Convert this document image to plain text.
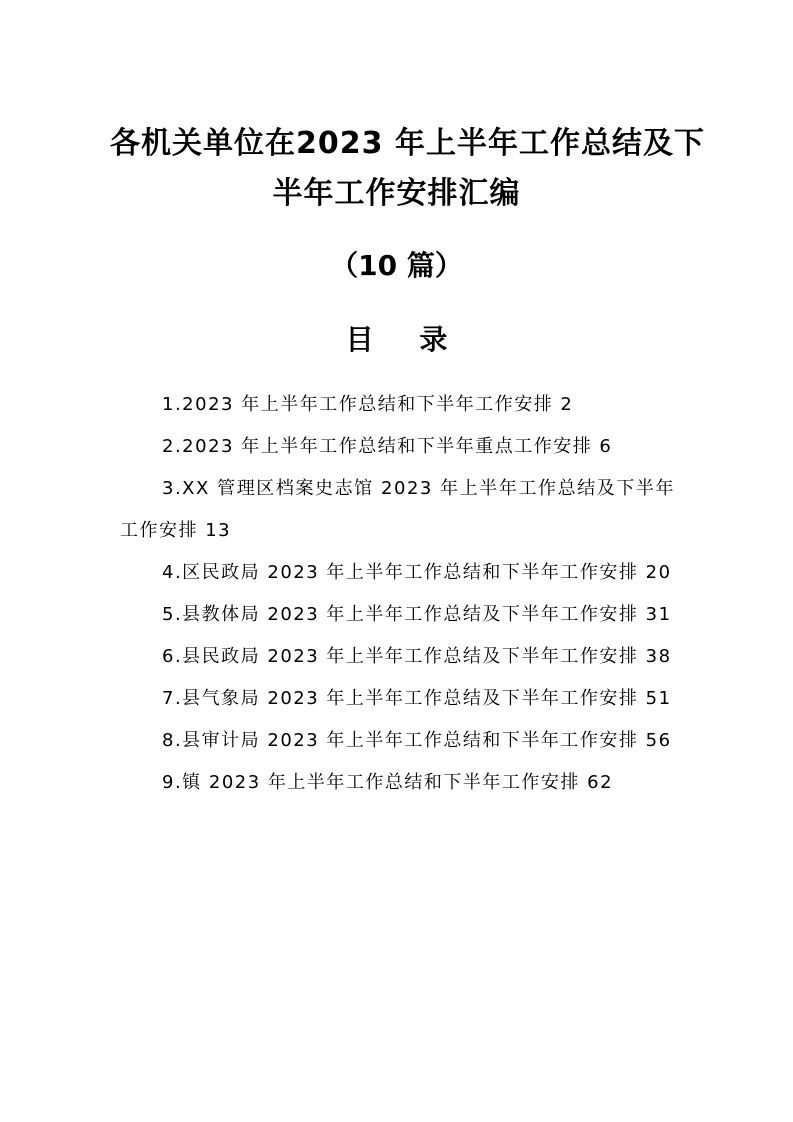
各机关单位在2023 年上半年工作总结及下
半年工作安排汇编
（10 篇）
目 录
1.2023 年上半年工作总结和下半年工作安排 2
2.2023 年上半年工作总结和下半年重点工作安排 6
3.XX 管理区档案史志馆 2023 年上半年工作总结及下半年工作安排 13
4.区民政局 2023 年上半年工作总结和下半年工作安排 20
5.县教体局 2023 年上半年工作总结及下半年工作安排 31
6.县民政局 2023 年上半年工作总结及下半年工作安排 38
7.县气象局 2023 年上半年工作总结及下半年工作安排 51
8.县审计局 2023 年上半年工作总结和下半年工作安排 56
9.镇 2023 年上半年工作总结和下半年工作安排 62
